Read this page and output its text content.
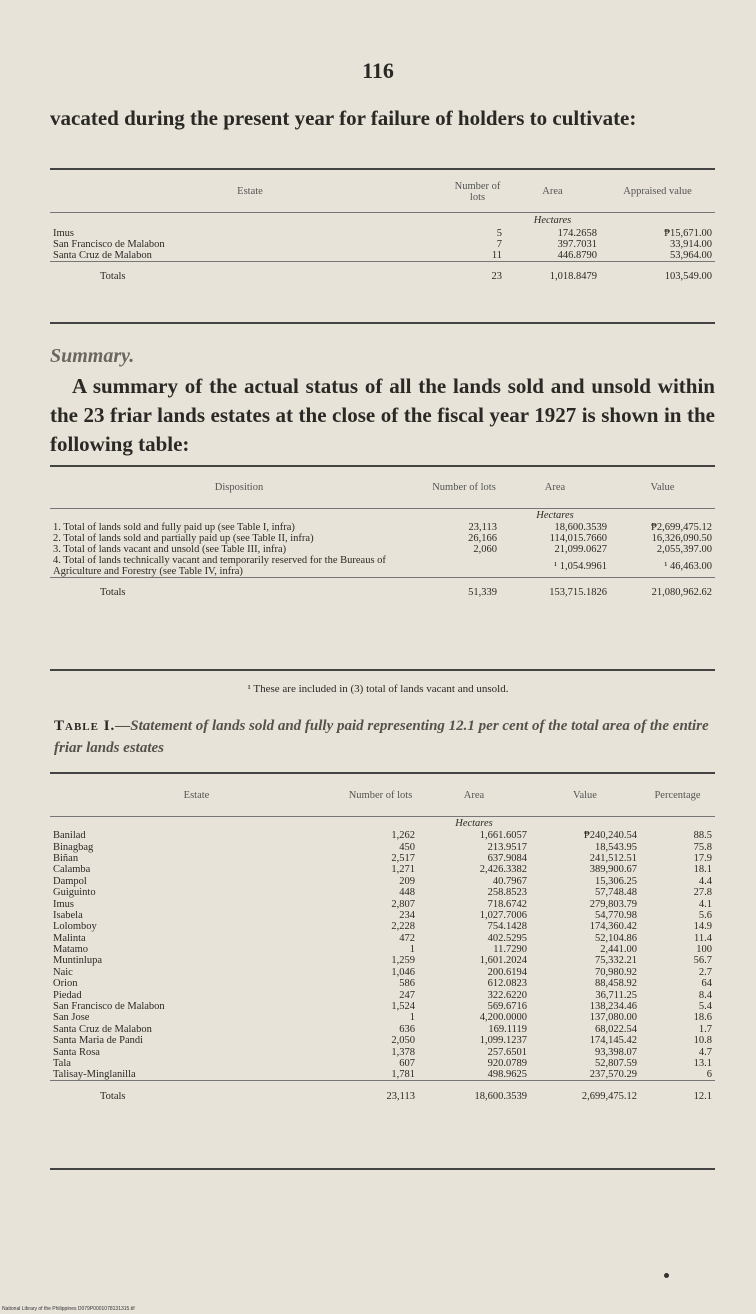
116
vacated during the present year for failure of holders to cultivate:
Estate	Number of lots	Area	Appraised value
		Hectares	
Imus	5	174.2658	₱15,671.00
San Francisco de Malabon	7	397.7031	33,914.00
Santa Cruz de Malabon	11	446.8790	53,964.00
Totals	23	1,018.8479	103,549.00
Summary.
A summary of the actual status of all the lands sold and unsold within the 23 friar lands estates at the close of the fiscal year 1927 is shown in the following table:
Disposition	Number of lots	Area	Value
		Hectares	
1. Total of lands sold and fully paid up (see Table I, infra)	23,113	18,600.3539	₱2,699,475.12
2. Total of lands sold and partially paid up (see Table II, infra)	26,166	114,015.7660	16,326,090.50
3. Total of lands vacant and unsold (see Table III, infra)	2,060	21,099.0627	2,055,397.00
4. Total of lands technically vacant and temporarily reserved for the Bureaus of Agriculture and Forestry (see Table IV, infra)		¹ 1,054.9961	¹ 46,463.00
Totals	51,339	153,715.1826	21,080,962.62
¹ These are included in (3) total of lands vacant and unsold.
Table I.—Statement of lands sold and fully paid representing 12.1 per cent of the total area of the entire friar lands estates
Estate	Number of lots	Area	Value	Percentage
		Hectares		
Banilad	1,262	1,661.6057	₱240,240.54	88.5
Binagbag	450	213.9517	18,543.95	75.8
Biñan	2,517	637.9084	241,512.51	17.9
Calamba	1,271	2,426.3382	389,900.67	18.1
Dampol	209	40.7967	15,306.25	4.4
Guiguinto	448	258.8523	57,748.48	27.8
Imus	2,807	718.6742	279,803.79	4.1
Isabela	234	1,027.7006	54,770.98	5.6
Lolomboy	2,228	754.1428	174,360.42	14.9
Malinta	472	402.5295	52,104.86	11.4
Matamo	1	11.7290	2,441.00	100
Muntinlupa	1,259	1,601.2024	75,332.21	56.7
Naic	1,046	200.6194	70,980.92	2.7
Orion	586	612.0823	88,458.92	64
Piedad	247	322.6220	36,711.25	8.4
San Francisco de Malabon	1,524	569.6716	138,234.46	5.4
San Jose	1	4,200.0000	137,080.00	18.6
Santa Cruz de Malabon	636	169.1119	68,022.54	1.7
Santa Maria de Pandi	2,050	1,099.1237	174,145.42	10.8
Santa Rosa	1,378	257.6501	93,398.07	4.7
Tala	607	920.0789	52,807.59	13.1
Talisay-Minglanilla	1,781	498.9625	237,570.29	6
Totals	23,113	18,600.3539	2,699,475.12	12.1
National Library of the Philippines D079P0001078131315.tif
